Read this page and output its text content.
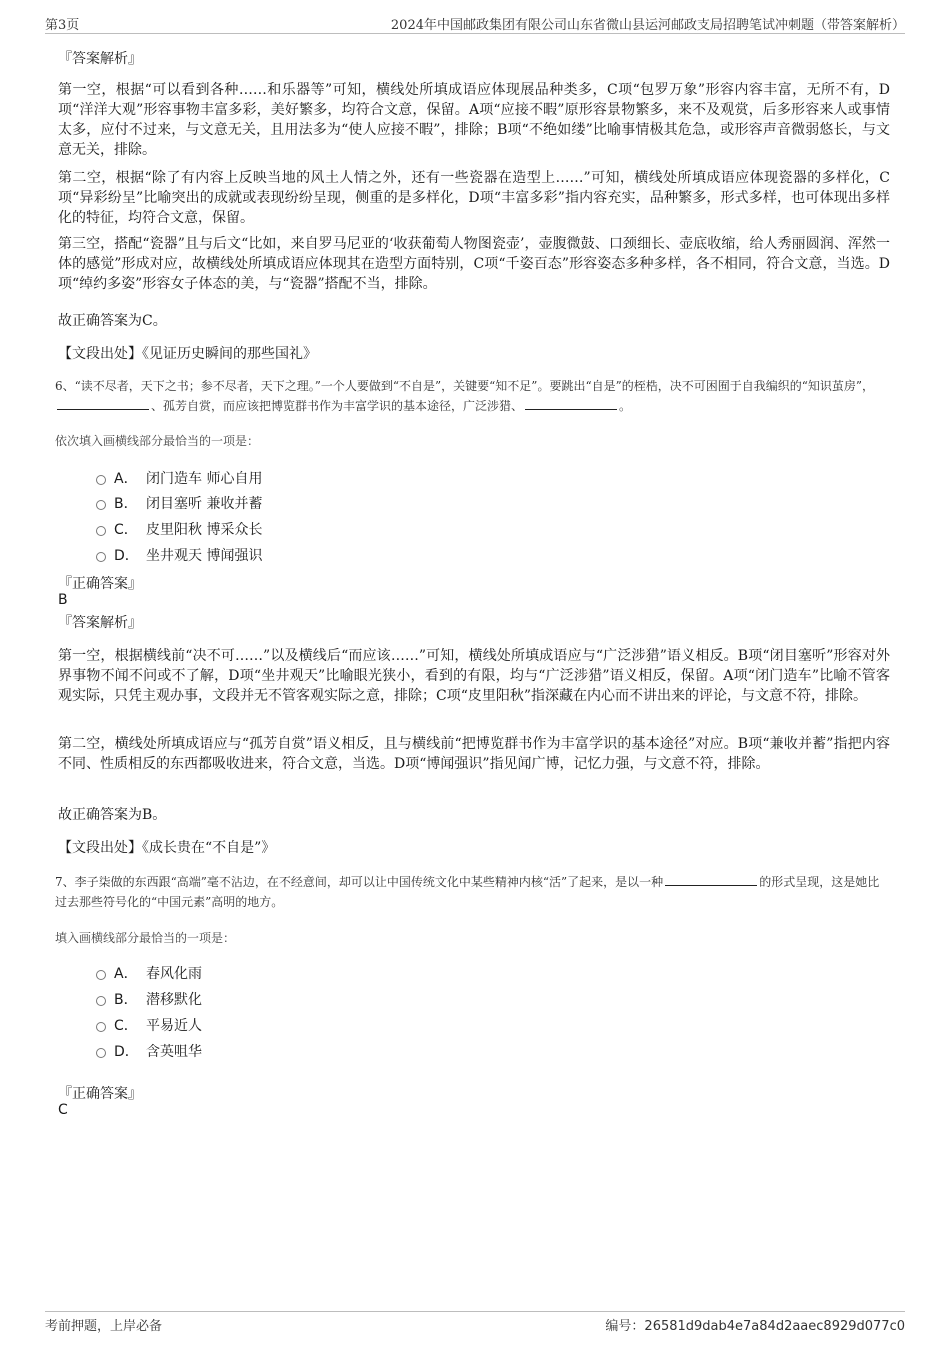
第3页	2024年中国邮政集团有限公司山东省微山县运河邮政支局招聘笔试冲刺题（带答案解析）
『答案解析』
第一空，根据“可以看到各种……和乐器等”可知，横线处所填成语应体现展品种类多，C项“包罗万象”形容内容丰富，无所不有，D项“洋洋大观”形容事物丰富多彩，美好繁多，均符合文意，保留。A项“应接不暇”原形容景物繁多，来不及观赏，后多形容来人或事情太多，应付不过来，与文意无关，且用法多为“使人应接不暇”，排除；B项“不绝如缕”比喻事情极其危急，或形容声音微弱悠长，与文意无关，排除。
第二空，根据“除了有内容上反映当地的风土人情之外，还有一些瓷器在造型上……”可知，横线处所填成语应体现瓷器的多样化，C项“异彩纷呈”比喻突出的成就或表现纷纷呈现，侧重的是多样化，D项“丰富多彩”指内容充实，品种繁多，形式多样，也可体现出多样化的特征，均符合文意，保留。
第三空，搭配“瓷器”且与后文“比如，来自罗马尼亚的‘收获葡萄人物图瓷壶’，壶腹微鼓、口颈细长、壶底收缩，给人秀丽圆润、浑然一体的感觉”形成对应，故横线处所填成语应体现其在造型方面特别，C项“千姿百态”形容姿态多种多样，各不相同，符合文意，当选。D项“绰约多姿”形容女子体态的美，与“瓷器”搭配不当，排除。
故正确答案为C。
【文段出处】《见证历史瞬间的那些国礼》
6、“读不尽者，天下之书；参不尽者，天下之理。”一个人要做到“不自是”，关键要“知不足”。要跳出“自是”的桎梏，决不可困囿于自我编织的“知识茧房”，、孤芳自赏，而应该把博览群书作为丰富学识的基本途径，广泛涉猎、	。
依次填入画横线部分最恰当的一项是：
A． 闭门造车 师心自用
B． 闭目塞听 兼收并蓄
C． 皮里阳秋 博采众长
D． 坐井观天 博闻强识
『正确答案』
B
『答案解析』
第一空，根据横线前“决不可……”以及横线后“而应该……”可知，横线处所填成语应与“广泛涉猎”语义相反。B项“闭目塞听”形容对外界事物不闻不问或不了解，D项“坐井观天”比喻眼光狭小，看到的有限，均与“广泛涉猎”语义相反，保留。A项“闭门造车”比喻不管客观实际，只凭主观办事，文段并无不管客观实际之意，排除；C项“皮里阳秋”指深藏在内心而不讲出来的评论，与文意不符，排除。
第二空，横线处所填成语应与“孤芳自赏”语义相反，且与横线前“把博览群书作为丰富学识的基本途径”对应。B项“兼收并蓄”指把内容不同、性质相反的东西都吸收进来，符合文意，当选。D项“博闻强识”指见闻广博，记忆力强，与文意不符，排除。
故正确答案为B。
【文段出处】《成长贵在“不自是”》
7、李子柒做的东西跟“高端”毫不沾边，在不经意间，却可以让中国传统文化中某些精神内核“活”了起来，是以一种	的形式呈现，这是她比过去那些符号化的“中国元素”高明的地方。
填入画横线部分最恰当的一项是：
A． 春风化雨
B． 潜移默化
C． 平易近人
D． 含英咀华
『正确答案』
C
考前押题，上岸必备	编号：26581d9dab4e7a84d2aaec8929d077c0
